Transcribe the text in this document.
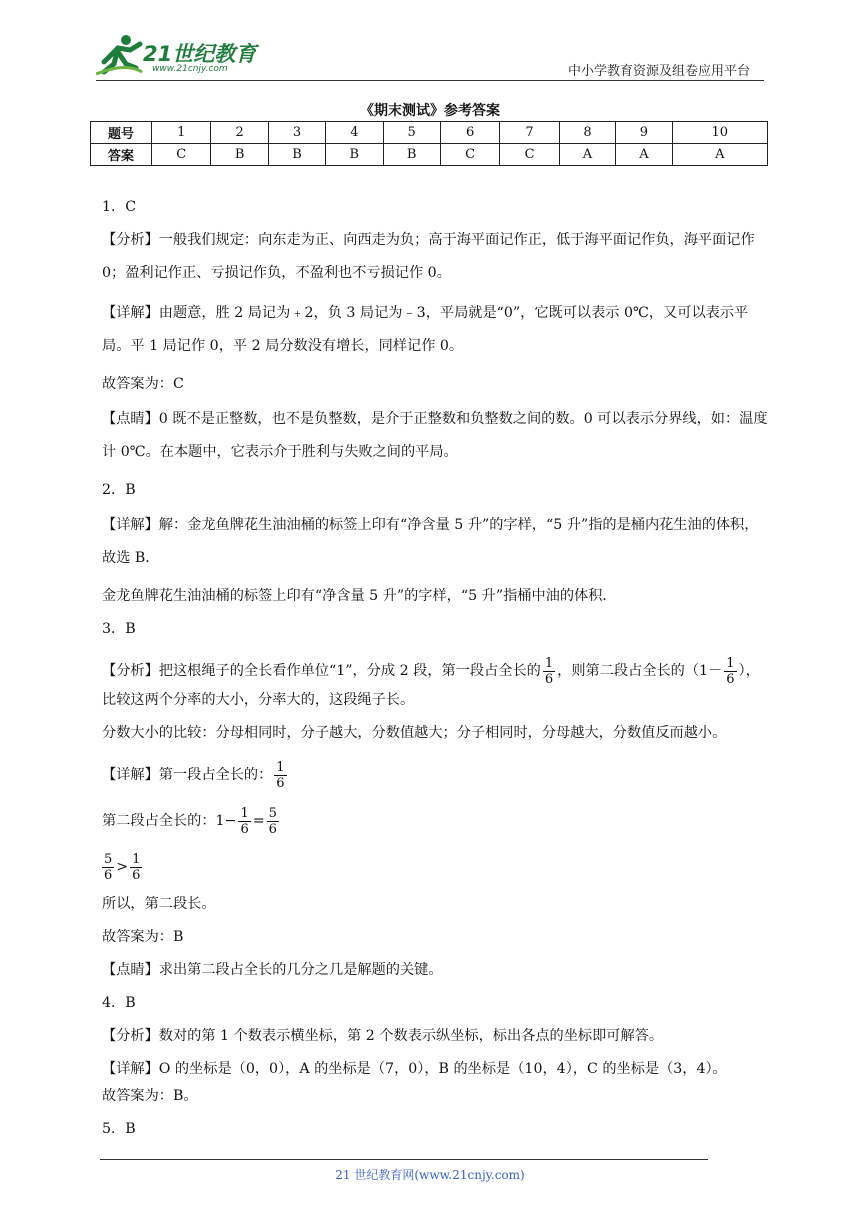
21世纪教育
www.21cnjy.com	中小学教育资源及组卷应用平台
《期末测试》参考答案
题号	1	2	3	4	5	6	7	8	9	10
答案	C	B	B	B	B	C	C	A	A	A
1．C
【分析】一般我们规定：向东走为正、向西走为负；高于海平面记作正，低于海平面记作负，海平面记作 0；盈利记作正、亏损记作负，不盈利也不亏损记作 0。
【详解】由题意，胜 2 局记为﹢2，负 3 局记为﹣3，平局就是“0”，它既可以表示 0℃，又可以表示平局。平 1 局记作 0，平 2 局分数没有增长，同样记作 0。
故答案为：C
【点睛】0 既不是正整数，也不是负整数，是介于正整数和负整数之间的数。0 可以表示分界线，如：温度计 0℃。在本题中，它表示介于胜利与失败之间的平局。
2．B
【详解】解：金龙鱼牌花生油油桶的标签上印有“净含量 5 升”的字样，“5 升”指的是桶内花生油的体积，　故选 B．
金龙鱼牌花生油油桶的标签上印有“净含量 5 升”的字样，“5 升”指桶中油的体积．
3．B
【分析】把这根绳子的全长看作单位“1”，分成 2 段，第一段占全长的 $\frac{1}{6}$ ，则第二段占全长的（$1- \frac{1}{6}$ ），
比较这两个分率的大小，分率大的，这段绳子长。
分数大小的比较：分母相同时，分子越大，分数值越大；分子相同时，分母越大，分数值反而越小。
【详解】第一段占全长的： $\frac{1}{6}$
第二段占全长的：$1- \frac{1}{6} = \frac{5}{6}$
$\frac{5}{6} > \frac{1}{6}$
所以，第二段长。
故答案为：B
【点睛】求出第二段占全长的几分之几是解题的关键。
4．B
【分析】数对的第 1 个数表示横坐标，第 2 个数表示纵坐标，标出各点的坐标即可解答。
【详解】O 的坐标是（0，0），A 的坐标是（7，0），B 的坐标是（10，4），C 的坐标是（3，4）。
故答案为：B。
5．B
21 世纪教育网(www.21cnjy.com)
